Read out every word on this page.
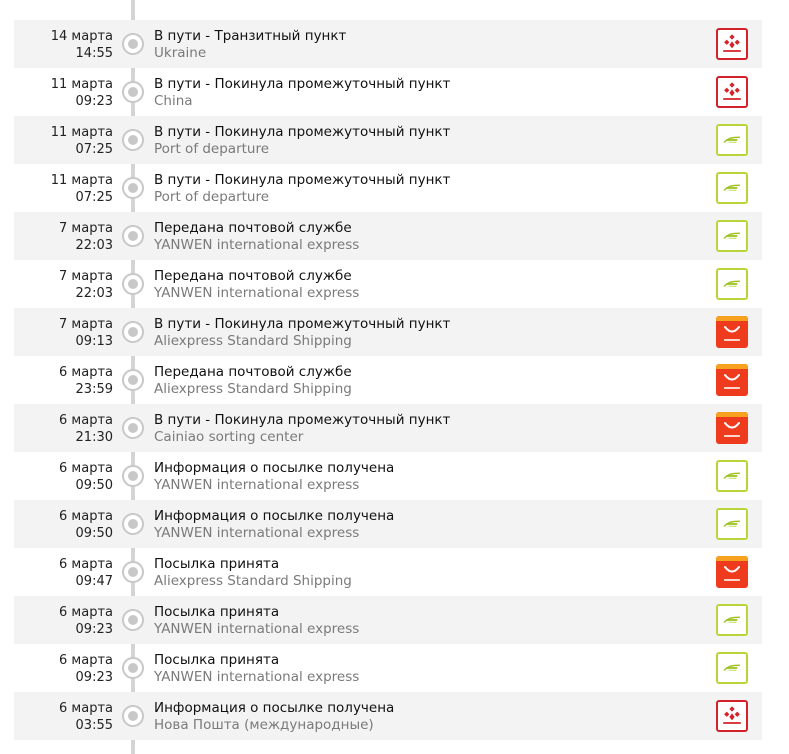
14 марта
14:55
В пути - Транзитный пункт
Ukraine
11 марта
09:23
В пути - Покинула промежуточный пункт
China
11 марта
07:25
В пути - Покинула промежуточный пункт
Port of departure
11 марта
07:25
В пути - Покинула промежуточный пункт
Port of departure
7 марта
22:03
Передана почтовой службе
YANWEN international express
7 марта
22:03
Передана почтовой службе
YANWEN international express
7 марта
09:13
В пути - Покинула промежуточный пункт
Aliexpress Standard Shipping
6 марта
23:59
Передана почтовой службе
Aliexpress Standard Shipping
6 марта
21:30
В пути - Покинула промежуточный пункт
Cainiao sorting center
6 марта
09:50
Информация о посылке получена
YANWEN international express
6 марта
09:50
Информация о посылке получена
YANWEN international express
6 марта
09:47
Посылка принята
Aliexpress Standard Shipping
6 марта
09:23
Посылка принята
YANWEN international express
6 марта
09:23
Посылка принята
YANWEN international express
6 марта
03:55
Информация о посылке получена
Нова Пошта (международные)
